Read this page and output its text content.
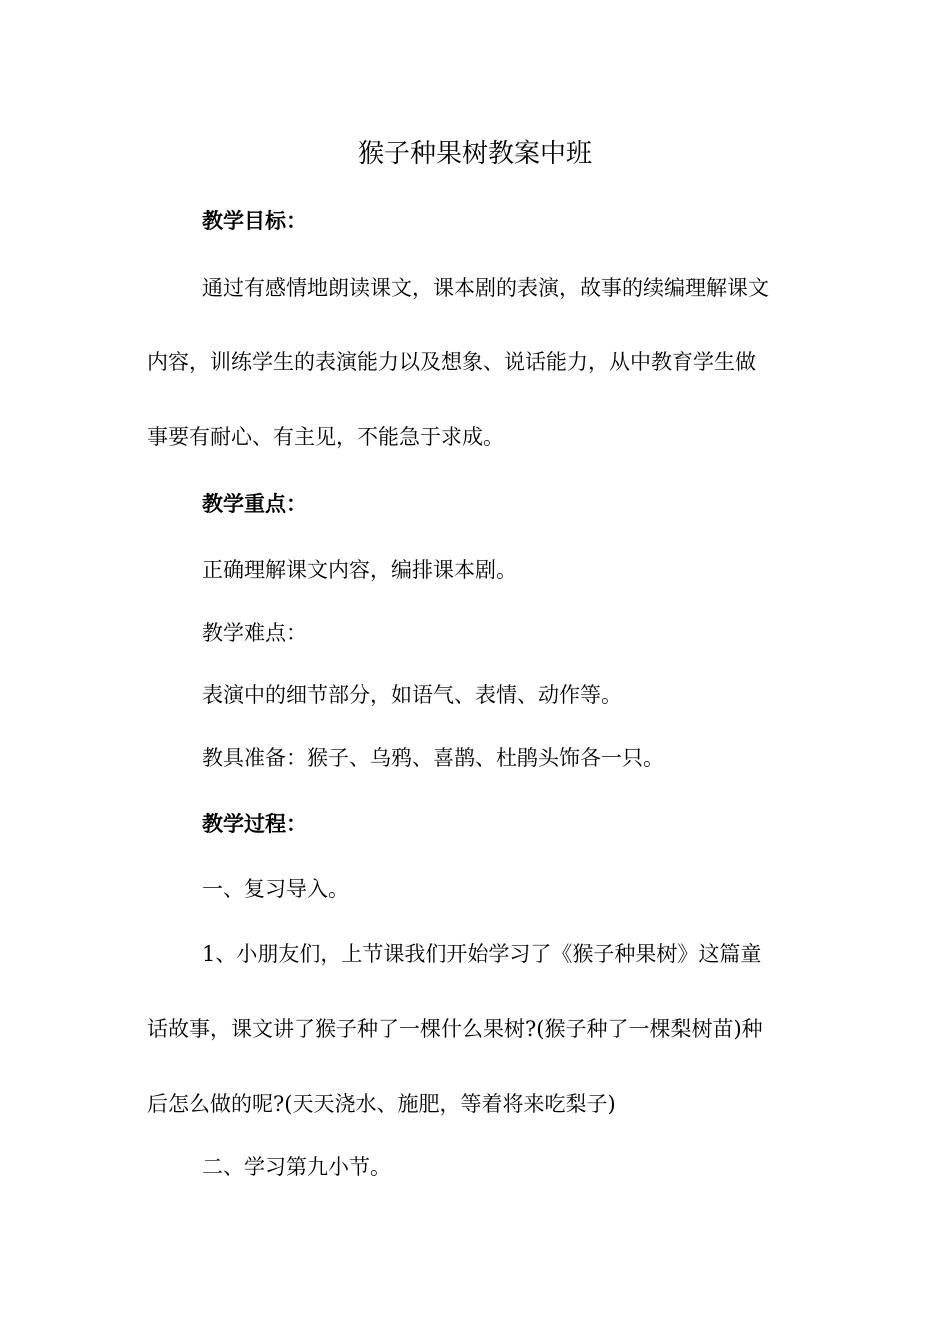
猴子种果树教案中班

教学目标：

通过有感情地朗读课文，课本剧的表演，故事的续编理解课文

内容，训练学生的表演能力以及想象、说话能力，从中教育学生做

事要有耐心、有主见，不能急于求成。

教学重点：

正确理解课文内容，编排课本剧。

教学难点：

表演中的细节部分，如语气、表情、动作等。

教具准备：猴子、乌鸦、喜鹊、杜鹃头饰各一只。

教学过程：

一、复习导入。

1、小朋友们，上节课我们开始学习了《猴子种果树》这篇童

话故事，课文讲了猴子种了一棵什么果树?(猴子种了一棵梨树苗)种

后怎么做的呢?(天天浇水、施肥，等着将来吃梨子)

二、学习第九小节。
